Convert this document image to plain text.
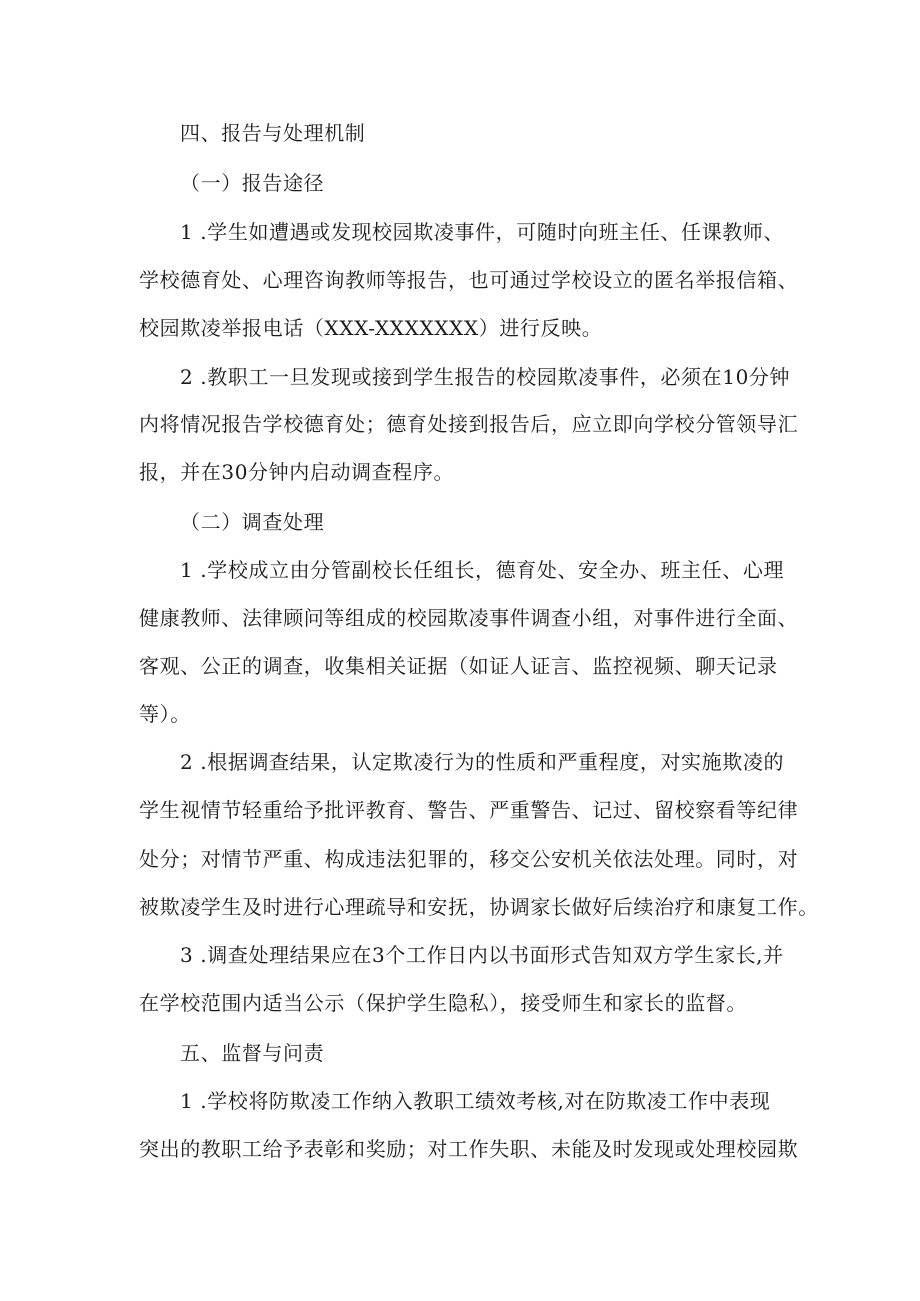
四、报告与处理机制
（一）报告途径
1 .学生如遭遇或发现校园欺凌事件，可随时向班主任、任课教师、
学校德育处、心理咨询教师等报告，也可通过学校设立的匿名举报信箱、
校园欺凌举报电话（XXX-XXXXXXX）进行反映。
2 .教职工一旦发现或接到学生报告的校园欺凌事件，必须在10分钟
内将情况报告学校德育处；德育处接到报告后，应立即向学校分管领导汇
报，并在30分钟内启动调查程序。
（二）调查处理
1 .学校成立由分管副校长任组长，德育处、安全办、班主任、心理
健康教师、法律顾问等组成的校园欺凌事件调查小组，对事件进行全面、
客观、公正的调查，收集相关证据（如证人证言、监控视频、聊天记录
等）。
2 .根据调查结果，认定欺凌行为的性质和严重程度，对实施欺凌的
学生视情节轻重给予批评教育、警告、严重警告、记过、留校察看等纪律
处分；对情节严重、构成违法犯罪的，移交公安机关依法处理。同时，对
被欺凌学生及时进行心理疏导和安抚，协调家长做好后续治疗和康复工作。
3 .调查处理结果应在3个工作日内以书面形式告知双方学生家长,并
在学校范围内适当公示（保护学生隐私），接受师生和家长的监督。
五、监督与问责
1 .学校将防欺凌工作纳入教职工绩效考核,对在防欺凌工作中表现
突出的教职工给予表彰和奖励；对工作失职、未能及时发现或处理校园欺
